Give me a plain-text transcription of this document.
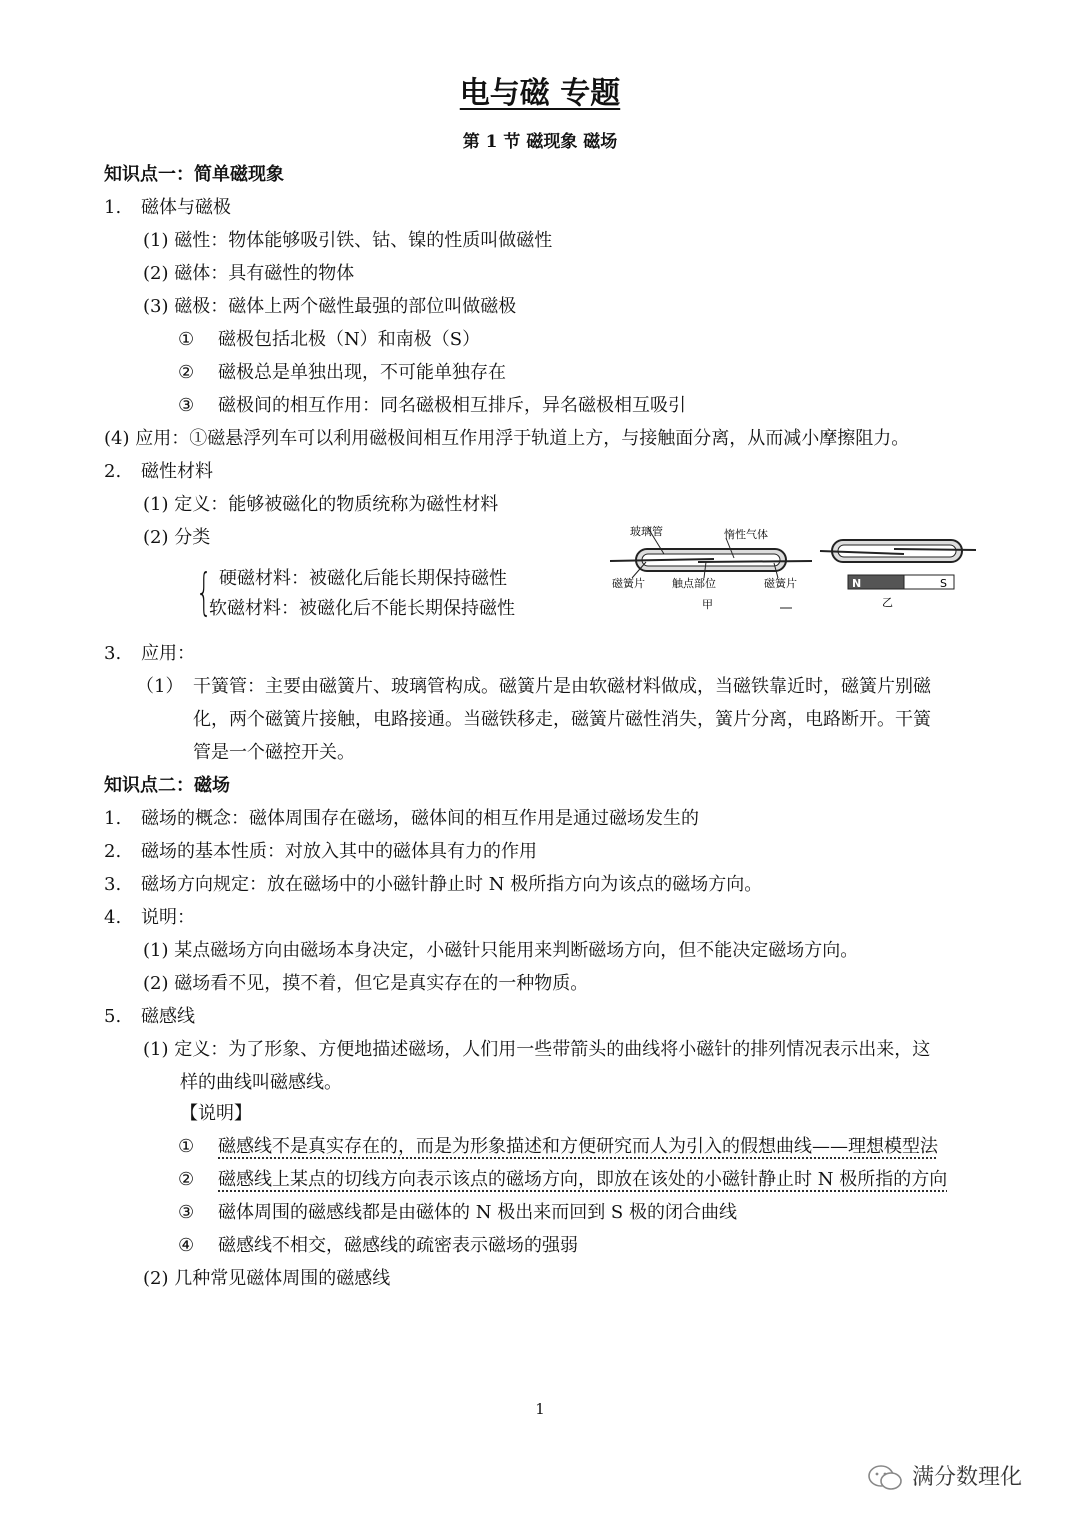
电与磁 专题
第 1 节 磁现象 磁场
知识点一：简单磁现象
1. 磁体与磁极
(1) 磁性：物体能够吸引铁、钴、镍的性质叫做磁性
(2) 磁体：具有磁性的物体
(3) 磁极：磁体上两个磁性最强的部位叫做磁极
① 磁极包括北极（N）和南极（S）
② 磁极总是单独出现，不可能单独存在
③ 磁极间的相互作用：同名磁极相互排斥，异名磁极相互吸引
(4) 应用：①磁悬浮列车可以利用磁极间相互作用浮于轨道上方，与接触面分离，从而减小摩擦阻力。
2. 磁性材料
(1) 定义：能够被磁化的物质统称为磁性材料
(2) 分类
{ 硬磁材料：被磁化后能长期保持磁性
软磁材料：被磁化后不能长期保持磁性
玻璃管	惰性气体
磁簧片 触点部位	磁簧片
甲
N	S
乙
3. 应用：
（1） 干簧管：主要由磁簧片、玻璃管构成。磁簧片是由软磁材料做成，当磁铁靠近时，磁簧片别磁
化，两个磁簧片接触，电路接通。当磁铁移走，磁簧片磁性消失，簧片分离，电路断开。干簧
管是一个磁控开关。
知识点二：磁场
1. 磁场的概念：磁体周围存在磁场，磁体间的相互作用是通过磁场发生的
2. 磁场的基本性质：对放入其中的磁体具有力的作用
3. 磁场方向规定：放在磁场中的小磁针静止时 N 极所指方向为该点的磁场方向。
4. 说明：
(1) 某点磁场方向由磁场本身决定，小磁针只能用来判断磁场方向，但不能决定磁场方向。
(2) 磁场看不见，摸不着，但它是真实存在的一种物质。
5. 磁感线
(1) 定义：为了形象、方便地描述磁场，人们用一些带箭头的曲线将小磁针的排列情况表示出来，这
样的曲线叫磁感线。
【说明】
① 磁感线不是真实存在的，而是为形象描述和方便研究而人为引入的假想曲线——理想模型法
② 磁感线上某点的切线方向表示该点的磁场方向，即放在该处的小磁针静止时 N 极所指的方向
③ 磁体周围的磁感线都是由磁体的 N 极出来而回到 S 极的闭合曲线
④ 磁感线不相交，磁感线的疏密表示磁场的强弱
(2) 几种常见磁体周围的磁感线
1
满分数理化
